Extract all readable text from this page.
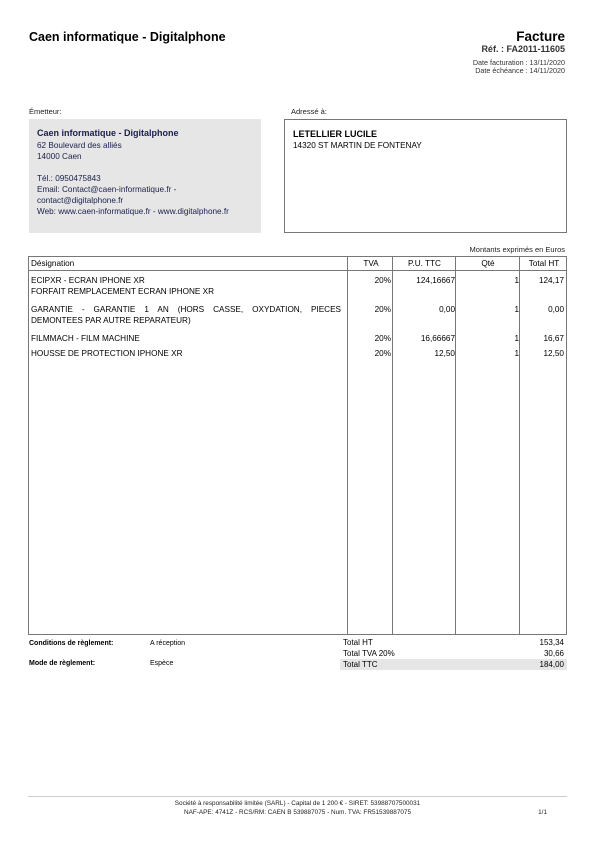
Caen informatique - Digitalphone	Facture
Réf. : FA2011-11605
Date facturation : 13/11/2020
Date échéance : 14/11/2020
Émetteur:	Adressé à:
Caen informatique - Digitalphone
62 Boulevard des alliés
14000 Caen
Tél.: 0950475843
Email: Contact@caen-informatique.fr -
contact@digitalphone.fr
Web: www.caen-informatique.fr - www.digitalphone.fr
LETELLIER LUCILE
14320 ST MARTIN DE FONTENAY
Montants exprimés en Euros
Désignation	TVA	P.U. TTC	Qté	Total HT
ECIPXR - ECRAN IPHONE XR
FORFAIT REMPLACEMENT ECRAN IPHONE XR
20%	124,16667	1	124,17
GARANTIE - GARANTIE 1 AN (HORS CASSE, OXYDATION, PIECES
DEMONTEES PAR AUTRE REPARATEUR)
20%	0,00	1	0,00
FILMMACH - FILM MACHINE	20%	16,66667	1	16,67
HOUSSE DE PROTECTION IPHONE XR	20%	12,50	1	12,50
Conditions de règlement:	A réception
Mode de règlement:	Espèce
Total HT	153,34
Total TVA 20%	30,66
Total TTC	184,00
Société à responsabilité limitée (SARL) - Capital de 1 200 € - SIRET: 53988707500031
NAF-APE: 4741Z - RCS/RM: CAEN B 539887075 - Num. TVA: FR51539887075	1/1
